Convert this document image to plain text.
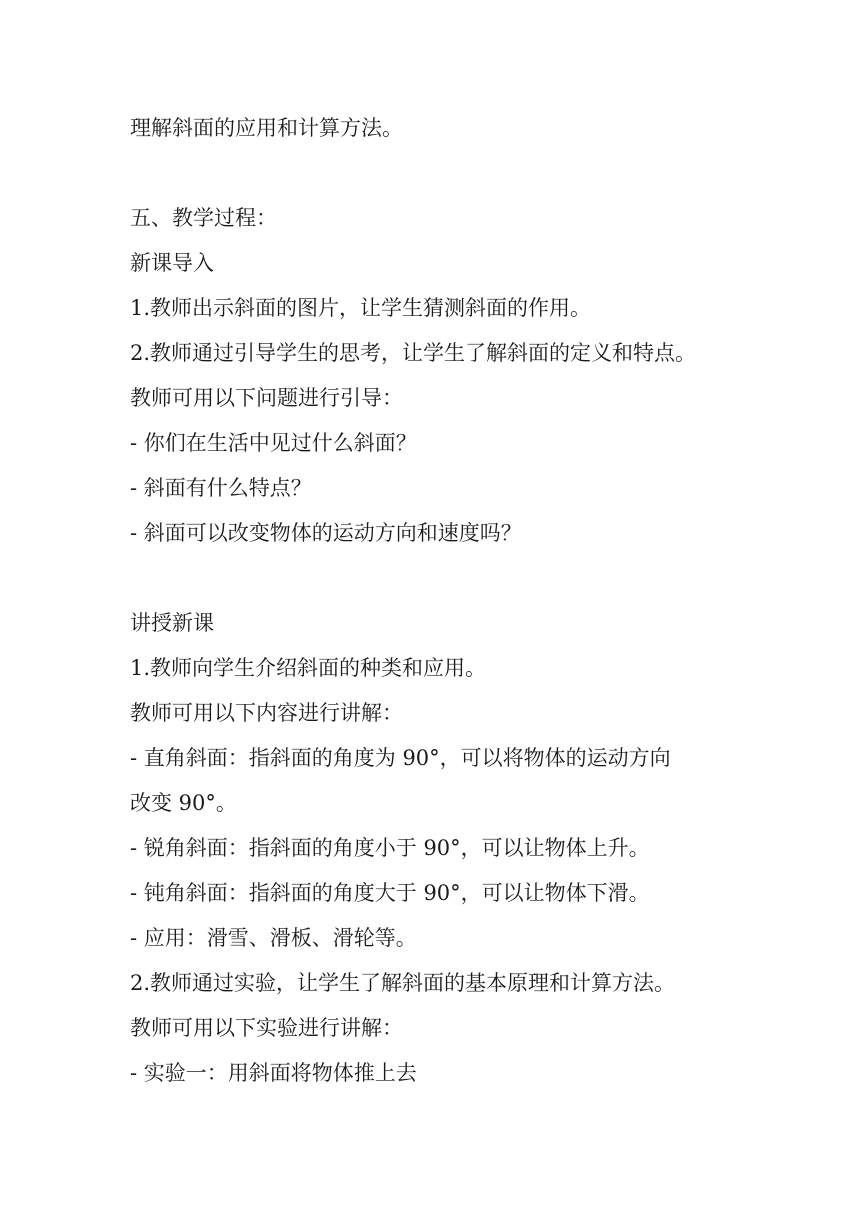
理解斜面的应用和计算方法。
五、教学过程：
新课导入
1.教师出示斜面的图片，让学生猜测斜面的作用。
2.教师通过引导学生的思考，让学生了解斜面的定义和特点。
教师可用以下问题进行引导：
- 你们在生活中见过什么斜面？
- 斜面有什么特点？
- 斜面可以改变物体的运动方向和速度吗？
讲授新课
1.教师向学生介绍斜面的种类和应用。
教师可用以下内容进行讲解：
- 直角斜面：指斜面的角度为 90°，可以将物体的运动方向
改变 90°。
- 锐角斜面：指斜面的角度小于 90°，可以让物体上升。
- 钝角斜面：指斜面的角度大于 90°，可以让物体下滑。
- 应用：滑雪、滑板、滑轮等。
2.教师通过实验，让学生了解斜面的基本原理和计算方法。
教师可用以下实验进行讲解：
- 实验一：用斜面将物体推上去
